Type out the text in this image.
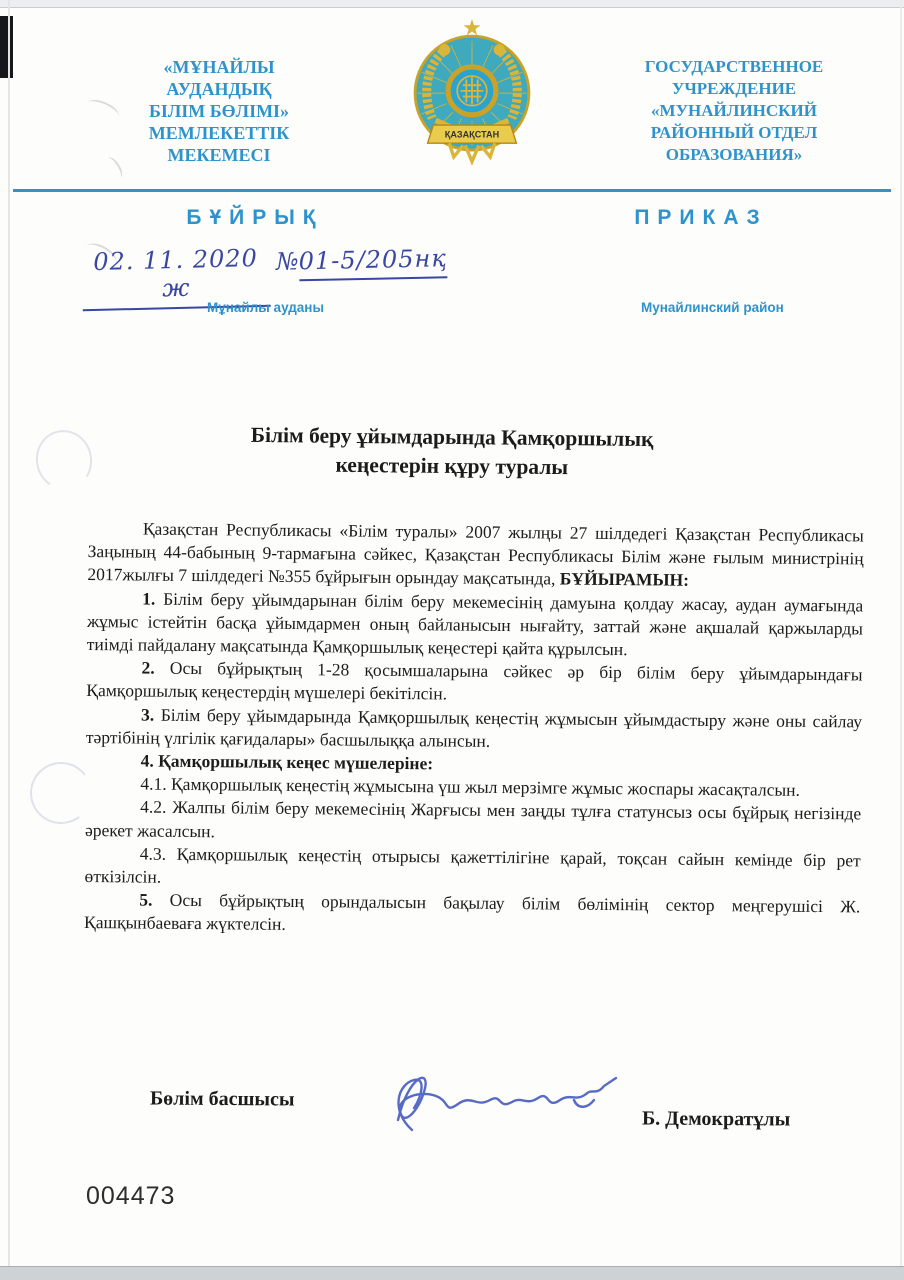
«МҰНАЙЛЫ
АУДАНДЫҚ
БІЛІМ БӨЛІМІ»
МЕМЛЕКЕТТІК
МЕКЕМЕСІ
ҚАЗАҚСТАН
ГОСУДАРСТВЕННОЕ
УЧРЕЖДЕНИЕ
«МУНАЙЛИНСКИЙ
РАЙОННЫЙ ОТДЕЛ
ОБРАЗОВАНИЯ»
БҰЙРЫҚ	ПРИКАЗ
02. 11. 2020 ж
№01-5/205нқ
Мұнайлы ауданы	Мунайлинский район
Білім беру ұйымдарында Қамқоршылық
кеңестерін құру туралы

Қазақстан Республикасы «Білім туралы» 2007 жылңы 27 шілдедегі Қазақстан Республикасы Заңының 44-бабының 9-тармағына сәйкес, Қазақстан Республикасы Білім және ғылым министрінің 2017жылғы 7 шілдедегі №355 бұйрығын орындау мақсатында, БҰЙЫРАМЫН:

1. Білім беру ұйымдарынан білім беру мекемесінің дамуына қолдау жасау, аудан аумағында жұмыс істейтін басқа ұйымдармен оның байланысын нығайту, заттай және ақшалай қаржыларды тиімді пайдалану мақсатында Қамқоршылық кеңестері қайта құрылсын.

2. Осы бұйрықтың 1-28 қосымшаларына сәйкес әр бір білім беру ұйымдарындағы Қамқоршылық кеңестердің мүшелері бекітілсін.

3. Білім беру ұйымдарында Қамқоршылық кеңестің жұмысын ұйымдастыру және оны сайлау тәртібінің үлгілік қағидалары» басшылыққа алынсын.

4. Қамқоршылық кеңес мүшелеріне:

4.1. Қамқоршылық кеңестің жұмысына үш жыл мерзімге жұмыс жоспары жасақталсын.

4.2. Жалпы білім беру мекемесінің Жарғысы мен заңды тұлға статунсыз осы бұйрық негізінде әрекет жасалсын.

4.3. Қамқоршылық кеңестің отырысы қажеттілігіне қарай, тоқсан сайын кемінде бір рет өткізілсін.

5. Осы бұйрықтың орындалысын бақылау білім бөлімінің сектор меңгерушісі Ж. Қашқынбаеваға жүктелсін.

Бөлім басшысы
Б. Демократұлы
004473
